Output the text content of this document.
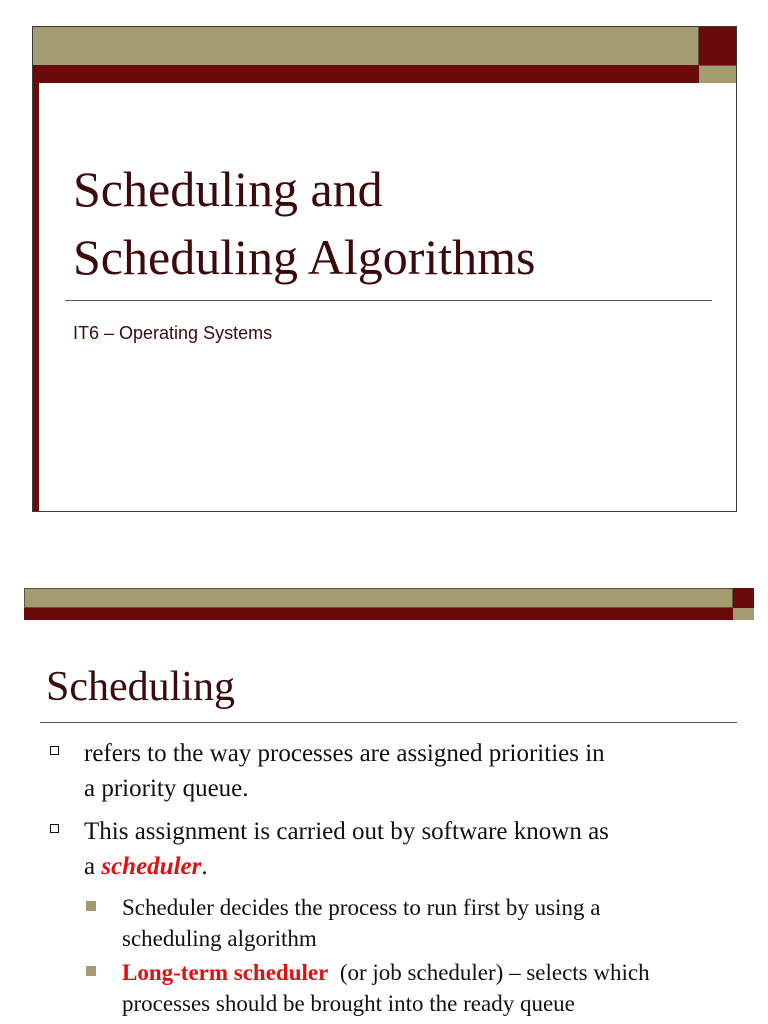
Scheduling and
Scheduling Algorithms
IT6 – Operating Systems
Scheduling
refers to the way processes are assigned priorities in
a priority queue.
This assignment is carried out by software known as
a scheduler.
Scheduler decides the process to run first by using a
scheduling algorithm
Long-term scheduler  (or job scheduler) – selects which
processes should be brought into the ready queue
